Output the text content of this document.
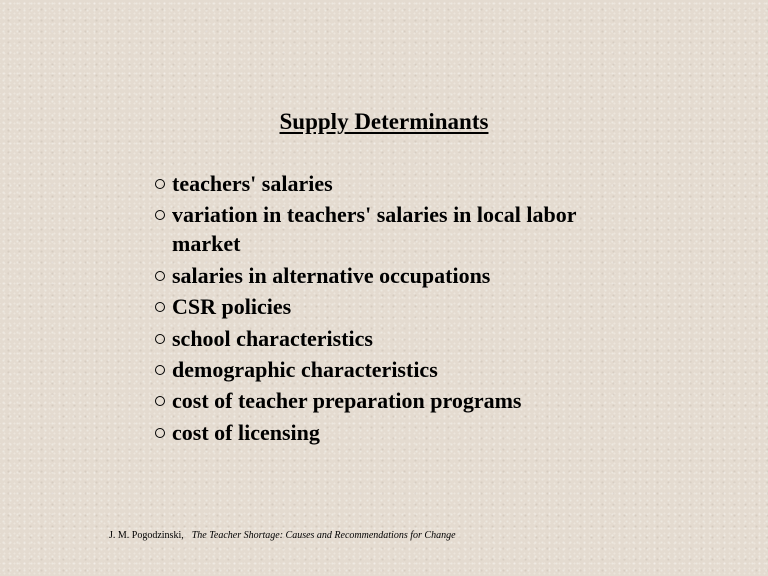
Supply Determinants
teachers' salaries
variation in teachers' salaries in local labor market
salaries in alternative occupations
CSR policies
school characteristics
demographic characteristics
cost of teacher preparation programs
cost of licensing
J. M. Pogodzinski, The Teacher Shortage: Causes and Recommendations for Change
